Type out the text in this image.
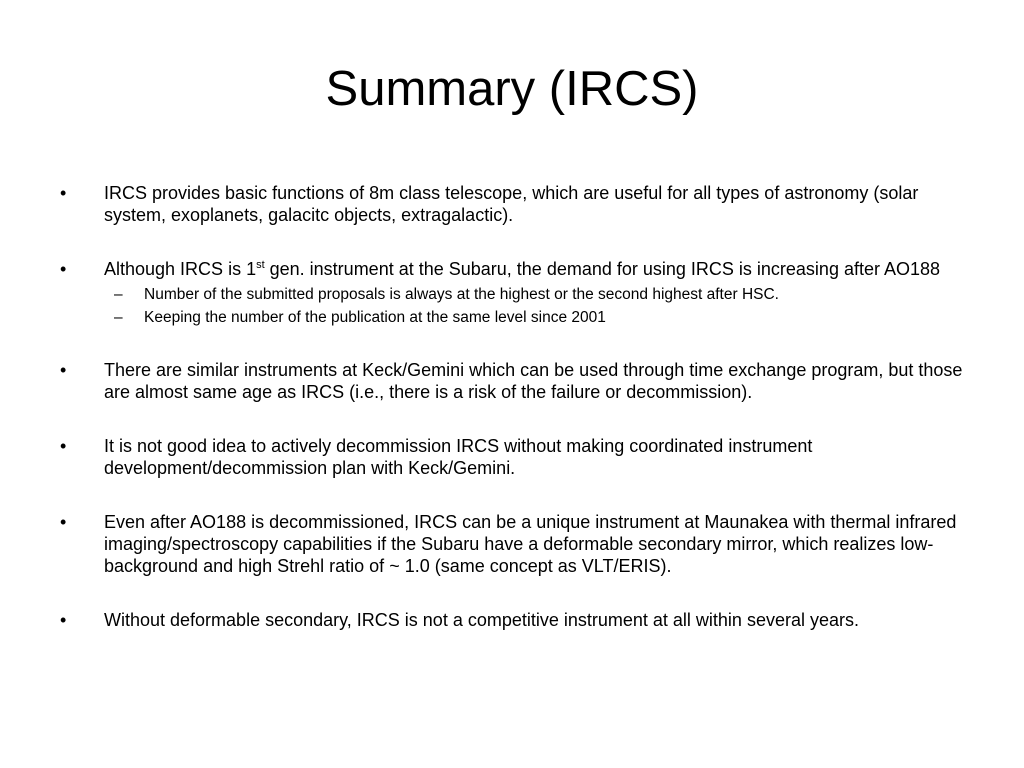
Summary (IRCS)
•	IRCS provides basic functions of 8m class telescope, which are useful for all types of astronomy (solar system, exoplanets, galacitc objects, extragalactic).
•	Although IRCS is 1st gen. instrument at the Subaru, the demand for using IRCS is increasing after AO188
–	Number of the submitted proposals is always at the highest or the second highest after HSC.
–	Keeping the number of the publication at the same level since 2001
•	There are similar instruments at Keck/Gemini which can be used through time exchange program, but those are almost same age as IRCS (i.e., there is a risk of the failure or decommission).
•	It is not good idea to actively decommission IRCS without making coordinated instrument development/decommission plan with Keck/Gemini.
•	Even after AO188 is decommissioned, IRCS can be a unique instrument at Maunakea with thermal infrared imaging/spectroscopy capabilities if the Subaru have a deformable secondary mirror, which realizes low-background and high Strehl ratio of ~ 1.0 (same concept as VLT/ERIS).
•	Without deformable secondary, IRCS is not a competitive instrument at all within several years.
